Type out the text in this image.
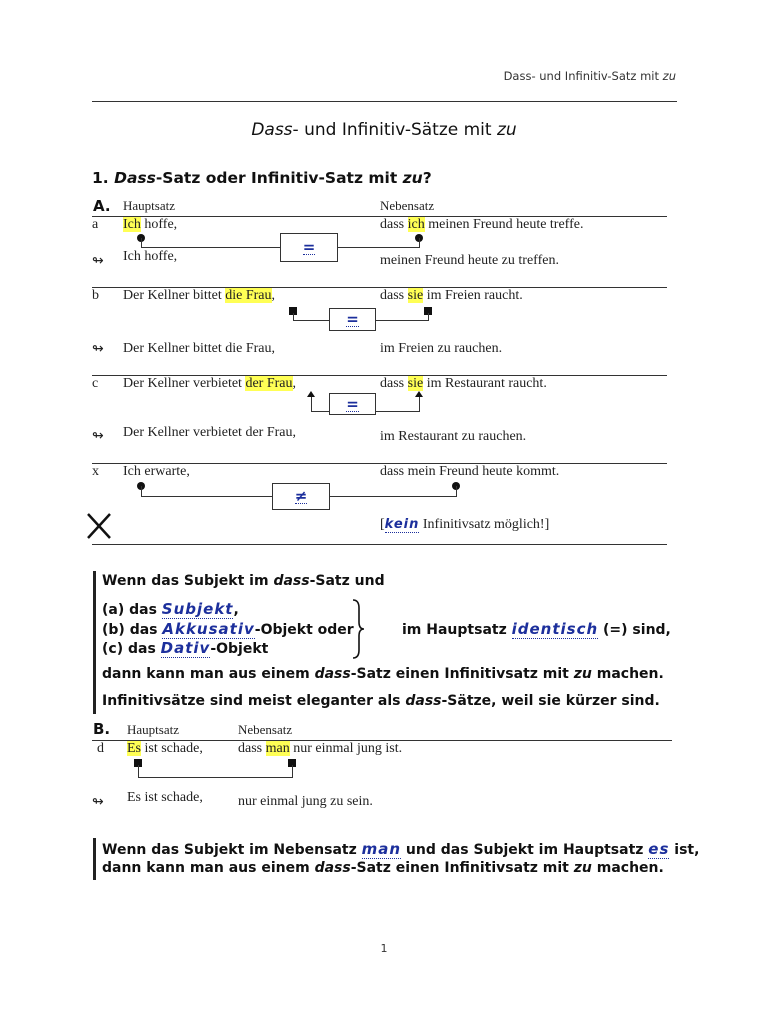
Dass- und Infinitiv-Satz mit zu
Dass- und Infinitiv-Sätze mit zu
1. Dass-Satz oder Infinitiv-Satz mit zu?
A. Hauptsatz	Nebensatz
a Ich hoffe,	dass ich meinen Freund heute treffe.
=
↬ Ich hoffe,	meinen Freund heute zu treffen.
b Der Kellner bittet die Frau,	dass sie im Freien raucht.
=
↬ Der Kellner bittet die Frau,	im Freien zu rauchen.
c Der Kellner verbietet der Frau,	dass sie im Restaurant raucht.
=
↬ Der Kellner verbietet der Frau,	im Restaurant zu rauchen.
x Ich erwarte,	dass mein Freund heute kommt.
≠
[kein Infinitivsatz möglich!]
Wenn das Subjekt im dass-Satz und
(a) das Subjekt,
(b) das Akkusativ-Objekt oder
(c) das Dativ-Objekt
im Hauptsatz identisch (=) sind,
dann kann man aus einem dass-Satz einen Infinitivsatz mit zu machen.
Infinitivsätze sind meist eleganter als dass-Sätze, weil sie kürzer sind.
B. Hauptsatz	Nebensatz
d Es ist schade,	dass man nur einmal jung ist.
↬ Es ist schade,	nur einmal jung zu sein.
Wenn das Subjekt im Nebensatz man und das Subjekt im Hauptsatz es ist,
dann kann man aus einem dass-Satz einen Infinitivsatz mit zu machen.
1
